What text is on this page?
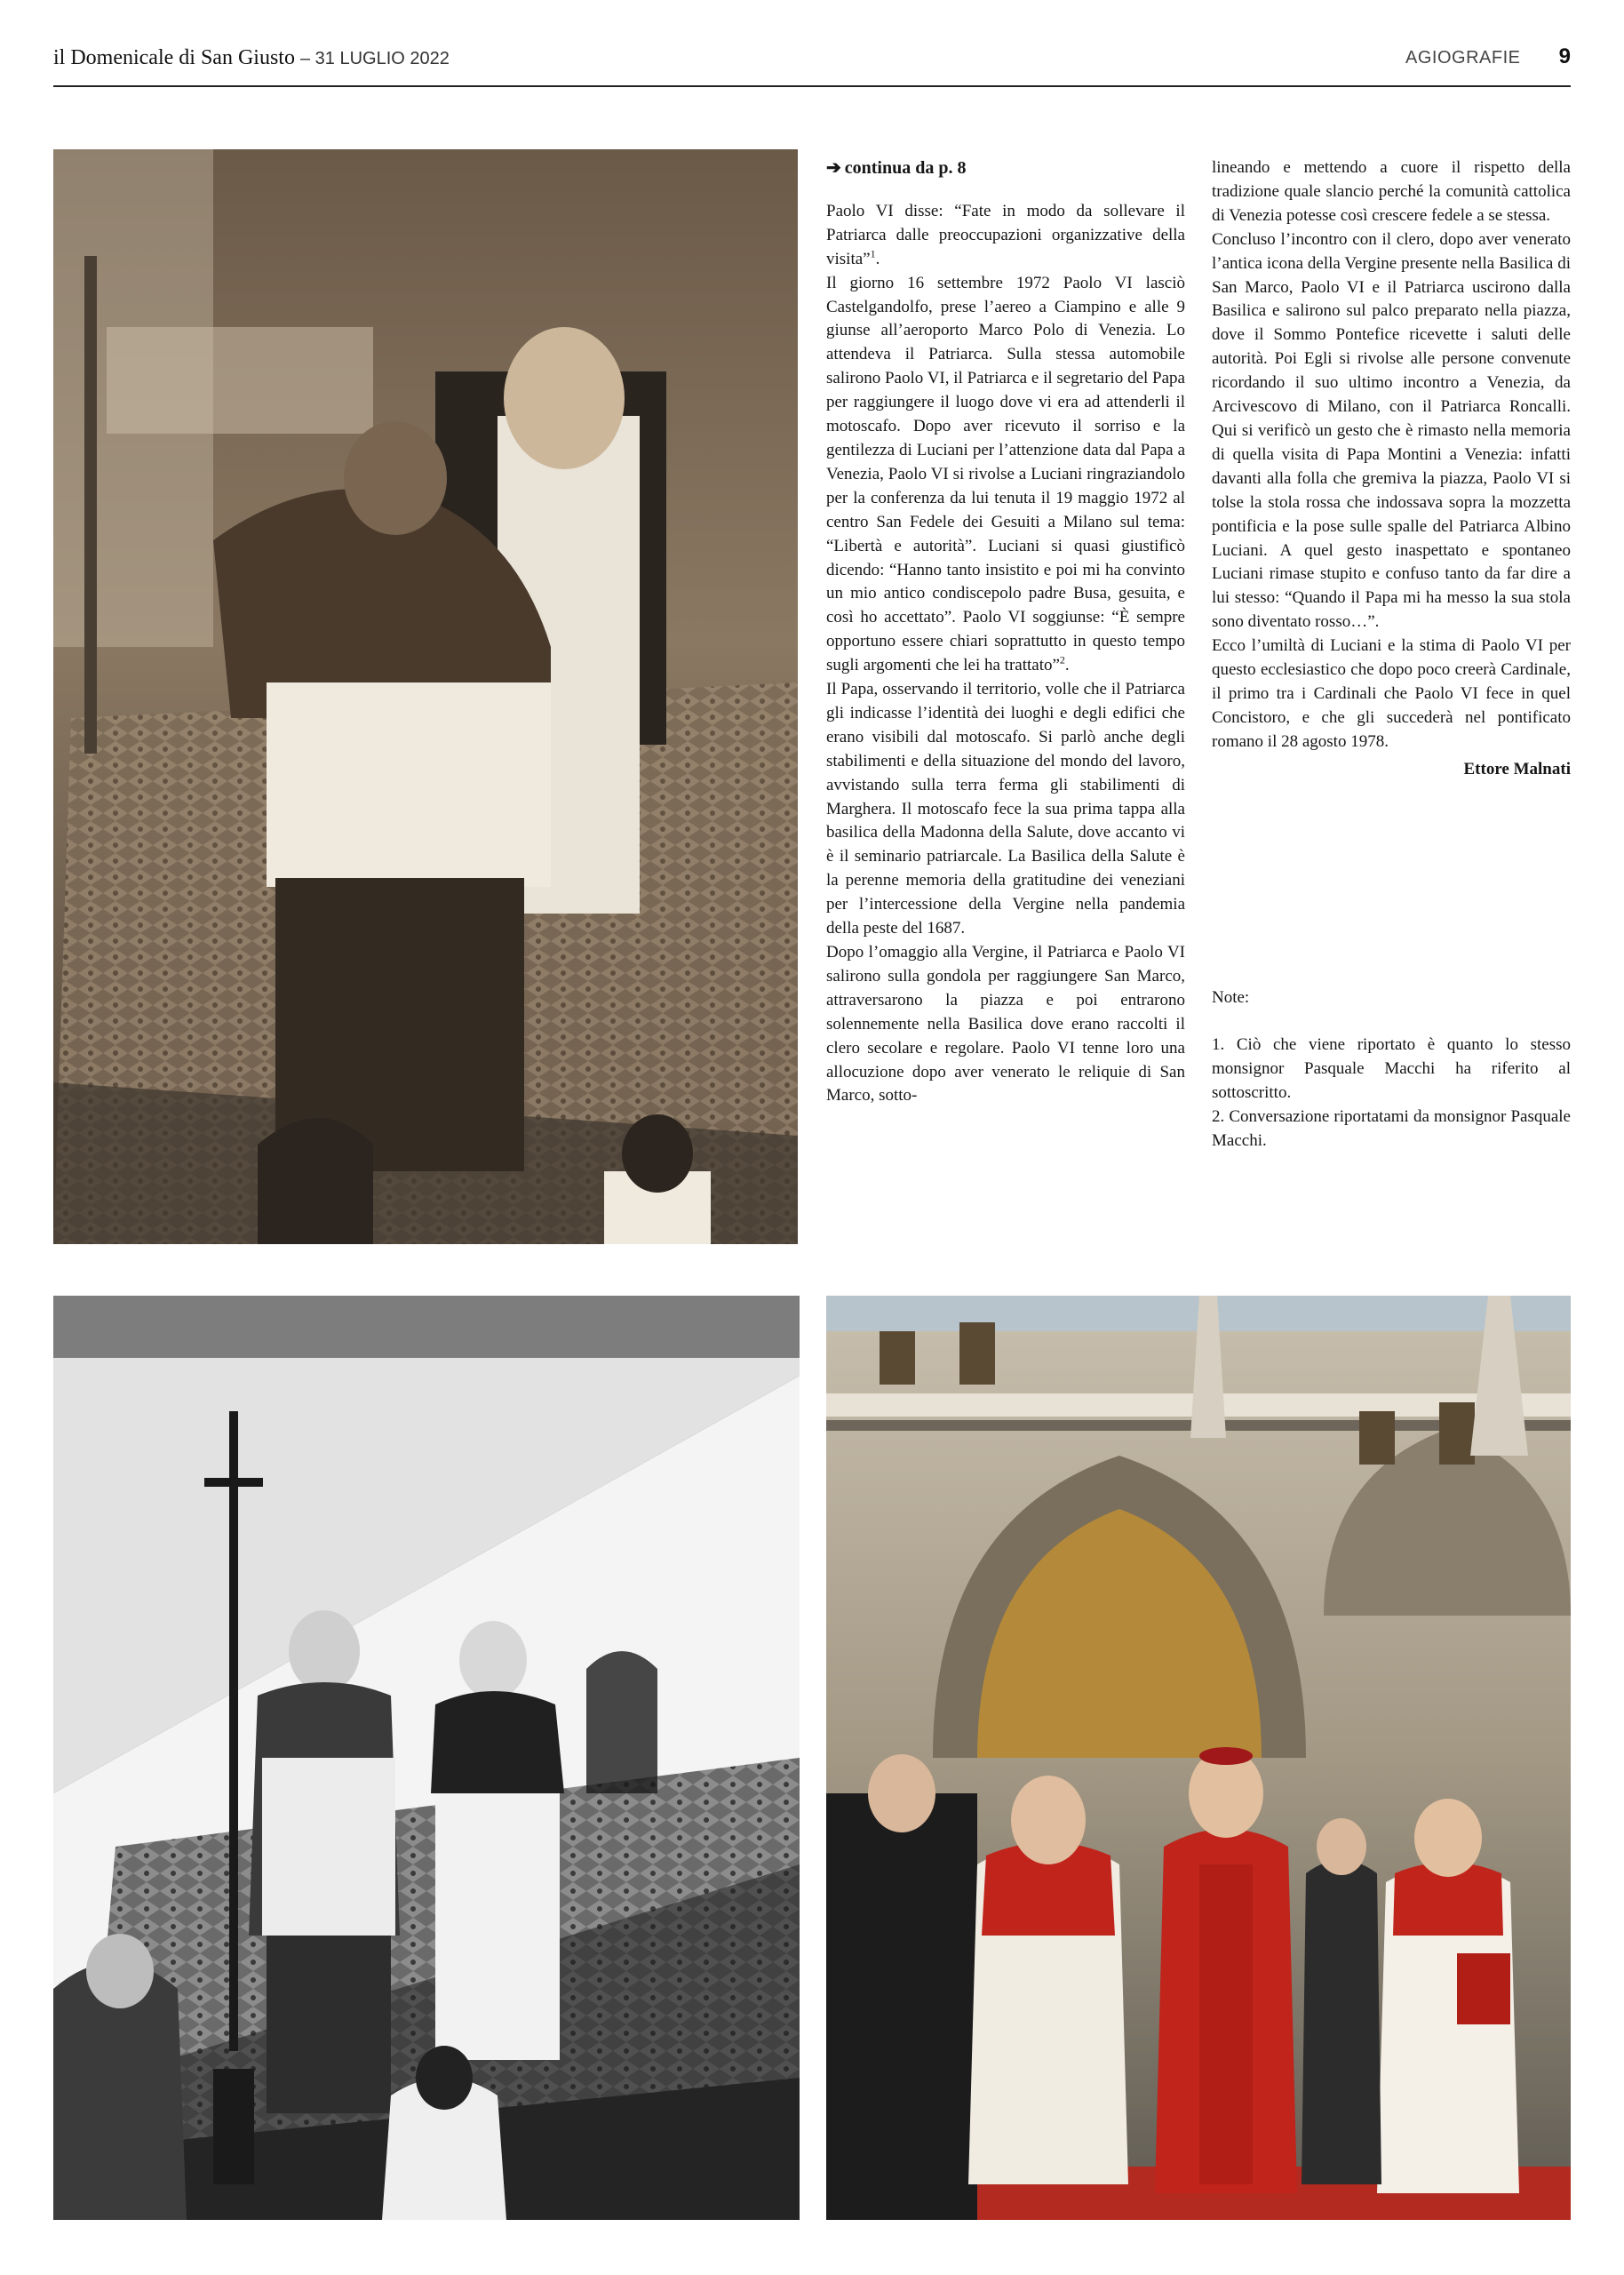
il Domenicale di San Giusto – 31 LUGLIO 2022	AGIOGRAFIE 9

➔ continua da p. 8

Paolo VI disse: “Fate in modo da sollevare il Patriarca dalle preoccupazioni organizzative della visita”$^1$.

Il giorno 16 settembre 1972 Paolo VI lasciò Castelgandolfo, prese l’aereo a Ciampino e alle 9 giunse all’aeroporto Marco Polo di Venezia. Lo attendeva il Patriarca. Sulla stessa automobile salirono Paolo VI, il Patriarca e il segretario del Papa per raggiungere il luogo dove vi era ad attenderli il motoscafo. Dopo aver ricevuto il sorriso e la gentilezza di Luciani per l’attenzione data dal Papa a Venezia, Paolo VI si rivolse a Luciani ringraziandolo per la conferenza da lui tenuta il 19 maggio 1972 al centro San Fedele dei Gesuiti a Milano sul tema: “Libertà e autorità”. Luciani si quasi giustificò dicendo: “Hanno tanto insistito e poi mi ha convinto un mio antico condiscepolo padre Busa, gesuita, e così ho accettato”. Paolo VI soggiunse: “È sempre opportuno essere chiari soprattutto in questo tempo sugli argomenti che lei ha trattato”$^2$.

Il Papa, osservando il territorio, volle che il Patriarca gli indicasse l’identità dei luoghi e degli edifici che erano visibili dal motoscafo. Si parlò anche degli stabilimenti e della situazione del mondo del lavoro, avvistando sulla terra ferma gli stabilimenti di Marghera. Il motoscafo fece la sua prima tappa alla basilica della Madonna della Salute, dove accanto vi è il seminario patriarcale. La Basilica della Salute è la perenne memoria della gratitudine dei veneziani per l’intercessione della Vergine nella pandemia della peste del 1687.

Dopo l’omaggio alla Vergine, il Patriarca e Paolo VI salirono sulla gondola per raggiungere San Marco, attraversarono la piazza e poi entrarono solennemente nella Basilica dove erano raccolti il clero secolare e regolare. Paolo VI tenne loro una allocuzione dopo aver venerato le reliquie di San Marco, sotto-

lineando e mettendo a cuore il rispetto della tradizione quale slancio perché la comunità cattolica di Venezia potesse così crescere fedele a se stessa.

Concluso l’incontro con il clero, dopo aver venerato l’antica icona della Vergine presente nella Basilica di San Marco, Paolo VI e il Patriarca uscirono dalla Basilica e salirono sul palco preparato nella piazza, dove il Sommo Pontefice ricevette i saluti delle autorità. Poi Egli si rivolse alle persone convenute ricordando il suo ultimo incontro a Venezia, da Arcivescovo di Milano, con il Patriarca Roncalli. Qui si verificò un gesto che è rimasto nella memoria di quella visita di Papa Montini a Venezia: infatti davanti alla folla che gremiva la piazza, Paolo VI si tolse la stola rossa che indossava sopra la mozzetta pontificia e la pose sulle spalle del Patriarca Albino Luciani. A quel gesto inaspettato e spontaneo Luciani rimase stupito e confuso tanto da far dire a lui stesso: “Quando il Papa mi ha messo la sua stola sono diventato rosso…”.

Ecco l’umiltà di Luciani e la stima di Paolo VI per questo ecclesiastico che dopo poco creerà Cardinale, il primo tra i Cardinali che Paolo VI fece in quel Concistoro, e che gli succederà nel pontificato romano il 28 agosto 1978.

Ettore Malnati

Note:

1. Ciò che viene riportato è quanto lo stesso monsignor Pasquale Macchi ha riferito al sottoscritto.

2. Conversazione riportatami da monsignor Pasquale Macchi.
